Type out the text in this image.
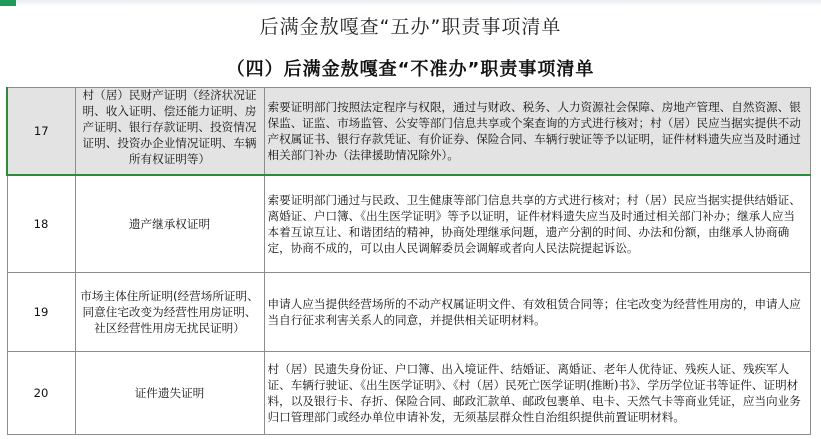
后满金敖嘎查“五办”职责事项清单
（四）后满金敖嘎查“不准办”职责事项清单
17	村（居）民财产证明（经济状况证明、收入证明、偿还能力证明、房产证明、银行存款证明、投资情况证明、投资办企业情况证明、车辆所有权证明等）	索要证明部门按照法定程序与权限，通过与财政、税务、人力资源社会保障、房地产管理、自然资源、银保监、证监、市场监管、公安等部门信息共享或个案查询的方式进行核对；村（居）民应当据实提供不动产权属证书、银行存款凭证、有价证券、保险合同、车辆行驶证等予以证明，证件材料遗失应当及时通过相关部门补办（法律援助情况除外）。
18	遗产继承权证明	索要证明部门通过与民政、卫生健康等部门信息共享的方式进行核对；村（居）民应当据实提供结婚证、离婚证、户口簿、《出生医学证明》等予以证明，证件材料遗失应当及时通过相关部门补办；继承人应当本着互谅互让、和谐团结的精神，协商处理继承问题，遗产分割的时间、办法和份额，由继承人协商确定，协商不成的，可以由人民调解委员会调解或者向人民法院提起诉讼。
19	市场主体住所证明(经营场所证明、同意住宅改变为经营性用房证明、社区经营性用房无扰民证明）	申请人应当提供经营场所的不动产权属证明文件、有效租赁合同等；住宅改变为经营性用房的，申请人应当自行征求利害关系人的同意，并提供相关证明材料。
20	证件遗失证明	村（居）民遗失身份证、户口簿、出入境证件、结婚证、离婚证、老年人优待证、残疾人证、残疾军人证、车辆行驶证、《出生医学证明》、《村（居）民死亡医学证明(推断)书》、学历学位证书等证件、证明材料，以及银行卡、存折、保险合同、邮政汇款单、邮政包裹单、电卡、天然气卡等商业凭证，应当向业务归口管理部门或经办单位申请补发，无须基层群众性自治组织提供前置证明材料。
